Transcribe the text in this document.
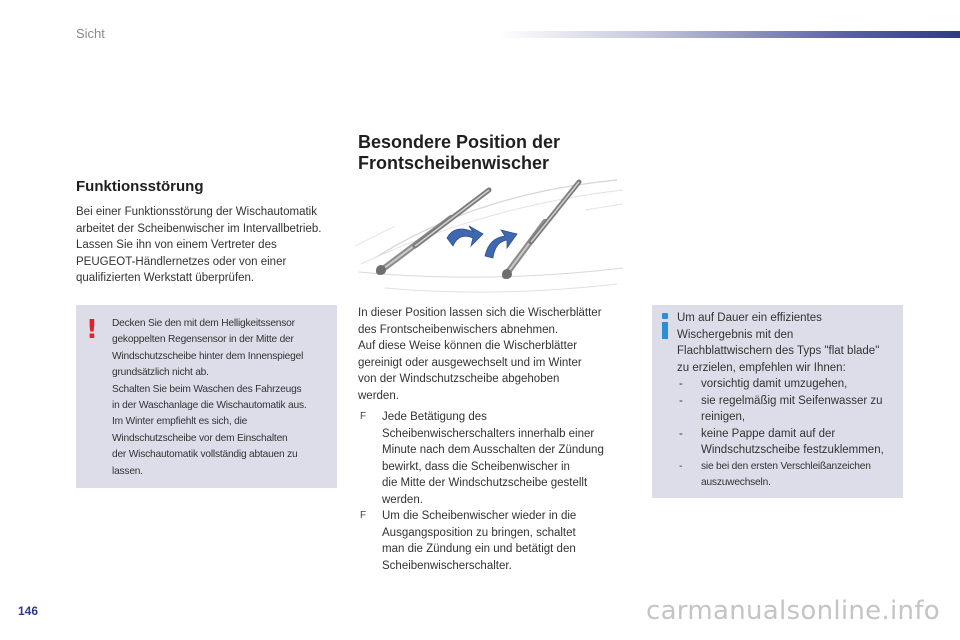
Sicht
Funktionsstörung

Bei einer Funktionsstörung der Wischautomatik
arbeitet der Scheibenwischer im Intervallbetrieb.
Lassen Sie ihn von einem Vertreter des
PEUGEOT-Händlernetzes oder von einer
qualifizierten Werkstatt überprüfen.

! Decken Sie den mit dem Helligkeitssensor
gekoppelten Regensensor in der Mitte der
Windschutzscheibe hinter dem Innenspiegel
grundsätzlich nicht ab.
Schalten Sie beim Waschen des Fahrzeugs
in der Waschanlage die Wischautomatik aus.
Im Winter empfiehlt es sich, die
Windschutzscheibe vor dem Einschalten
der Wischautomatik vollständig abtauen zu
lassen.
Besondere Position der
Frontscheibenwischer

In dieser Position lassen sich die Wischerblätter
des Frontscheibenwischers abnehmen.
Auf diese Weise können die Wischerblätter
gereinigt oder ausgewechselt und im Winter
von der Windschutzscheibe abgehoben
werden.

F Jede Betätigung des
Scheibenwischerschalters innerhalb einer
Minute nach dem Ausschalten der Zündung
bewirkt, dass die Scheibenwischer in
die Mitte der Windschutzscheibe gestellt
werden.
F Um die Scheibenwischer wieder in die
Ausgangsposition zu bringen, schaltet
man die Zündung ein und betätigt den
Scheibenwischerschalter.
Um auf Dauer ein effizientes
Wischergebnis mit den
Flachblattwischern des Typs "flat blade"
zu erzielen, empfehlen wir Ihnen:
- vorsichtig damit umzugehen,
- sie regelmäßig mit Seifenwasser zu
reinigen,
- keine Pappe damit auf der
Windschutzscheibe festzuklemmen,
- sie bei den ersten Verschleißanzeichen
auszuwechseln.
146	carmanualsonline.info
